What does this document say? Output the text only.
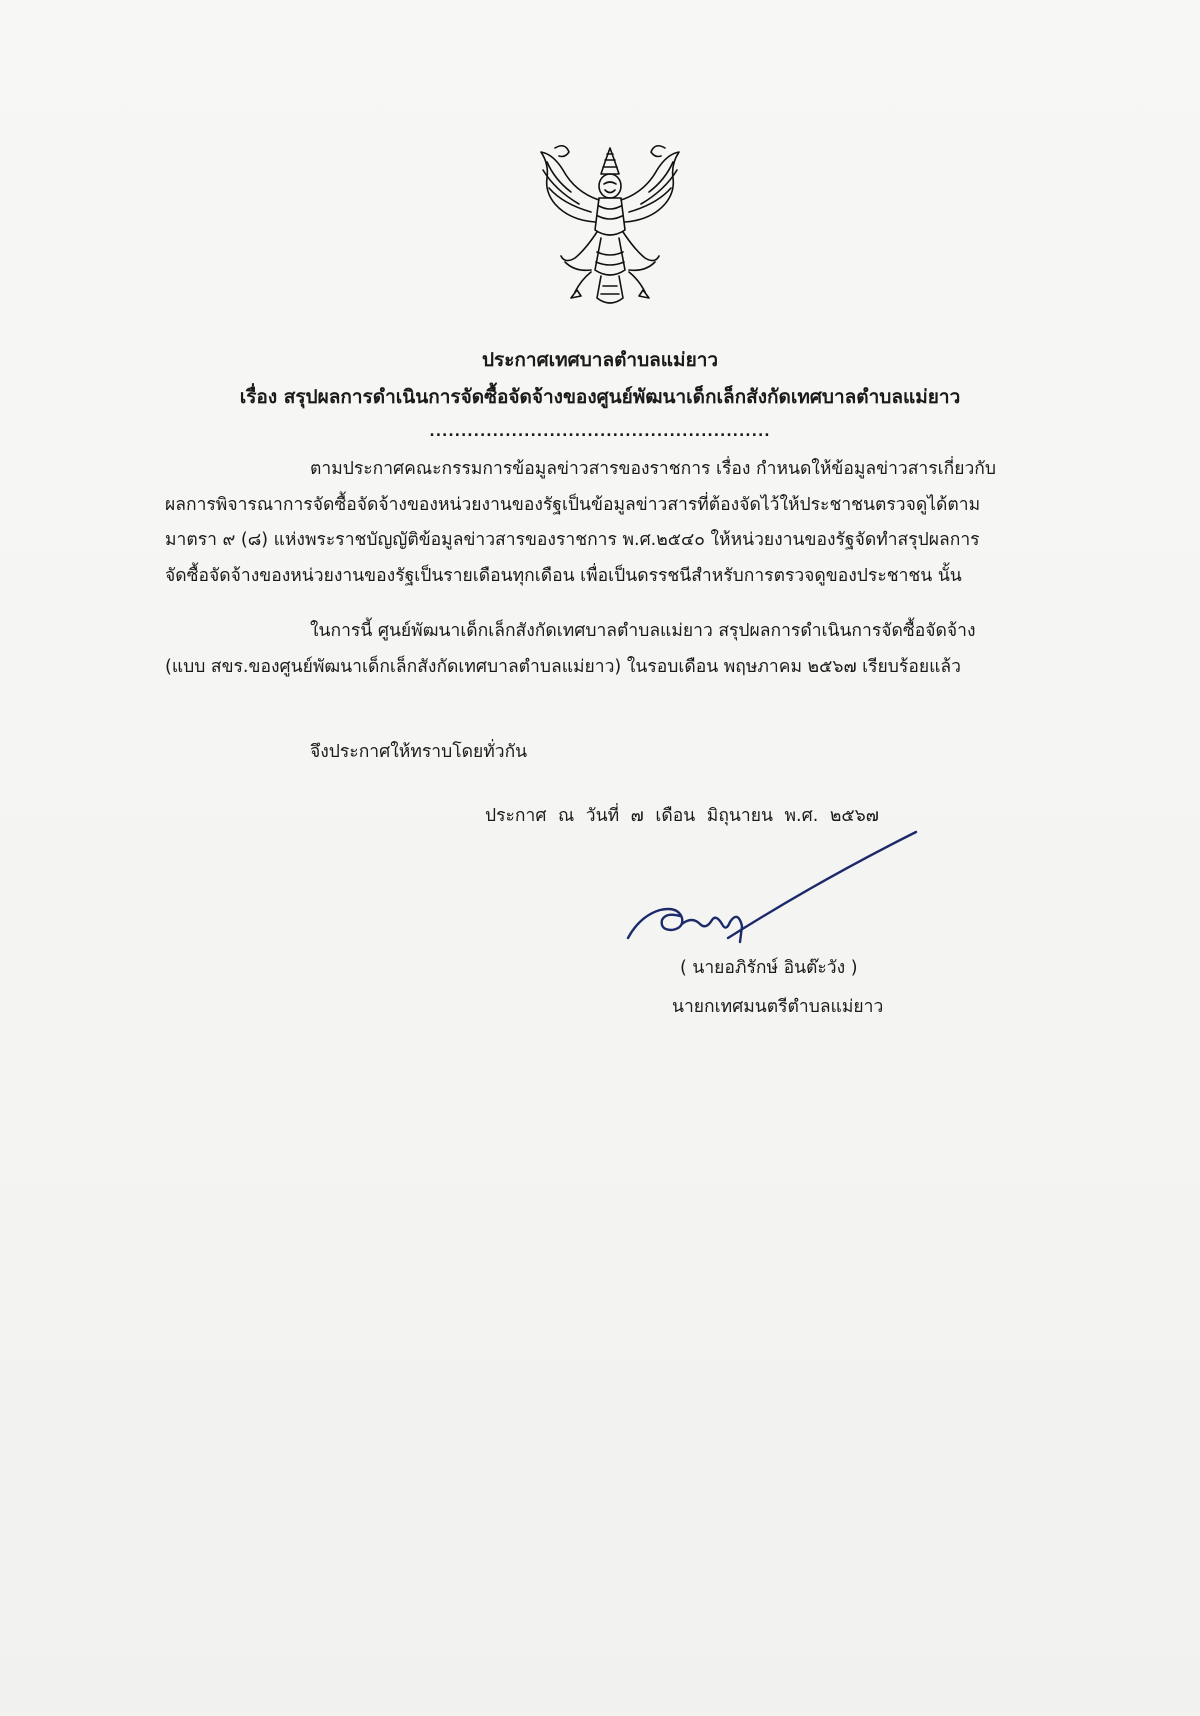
ประกาศเทศบาลตำบลแม่ยาว
เรื่อง สรุปผลการดำเนินการจัดซื้อจัดจ้างของศูนย์พัฒนาเด็กเล็กสังกัดเทศบาลตำบลแม่ยาว
......................................................
ตามประกาศคณะกรรมการข้อมูลข่าวสารของราชการ เรื่อง กำหนดให้ข้อมูลข่าวสารเกี่ยวกับ
ผลการพิจารณาการจัดซื้อจัดจ้างของหน่วยงานของรัฐเป็นข้อมูลข่าวสารที่ต้องจัดไว้ให้ประชาชนตรวจดูได้ตาม
มาตรา ๙ (๘) แห่งพระราชบัญญัติข้อมูลข่าวสารของราชการ พ.ศ.๒๕๔๐ ให้หน่วยงานของรัฐจัดทำสรุปผลการ
จัดซื้อจัดจ้างของหน่วยงานของรัฐเป็นรายเดือนทุกเดือน เพื่อเป็นดรรชนีสำหรับการตรวจดูของประชาชน นั้น
ในการนี้ ศูนย์พัฒนาเด็กเล็กสังกัดเทศบาลตำบลแม่ยาว สรุปผลการดำเนินการจัดซื้อจัดจ้าง
(แบบ สขร.ของศูนย์พัฒนาเด็กเล็กสังกัดเทศบาลตำบลแม่ยาว) ในรอบเดือน พฤษภาคม ๒๕๖๗ เรียบร้อยแล้ว
จึงประกาศให้ทราบโดยทั่วกัน
ประกาศ ณ วันที่ ๗ เดือน มิถุนายน พ.ศ. ๒๕๖๗
( นายอภิรักษ์ อินต๊ะวัง )
นายกเทศมนตรีตำบลแม่ยาว
